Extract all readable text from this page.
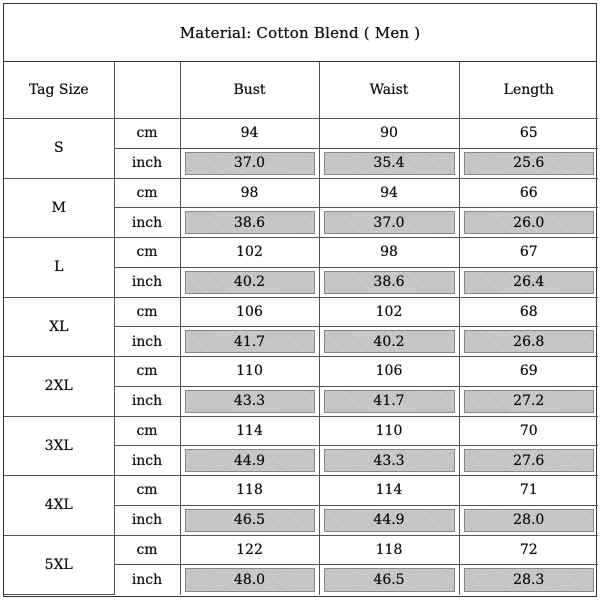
Material: Cotton Blend ( Men )
Tag Size		Bust	Waist	Length
S	cm	94	90	65
	inch	37.0	35.4	25.6
M	cm	98	94	66
	inch	38.6	37.0	26.0
L	cm	102	98	67
	inch	40.2	38.6	26.4
XL	cm	106	102	68
	inch	41.7	40.2	26.8
2XL	cm	110	106	69
	inch	43.3	41.7	27.2
3XL	cm	114	110	70
	inch	44.9	43.3	27.6
4XL	cm	118	114	71
	inch	46.5	44.9	28.0
5XL	cm	122	118	72
	inch	48.0	46.5	28.3
